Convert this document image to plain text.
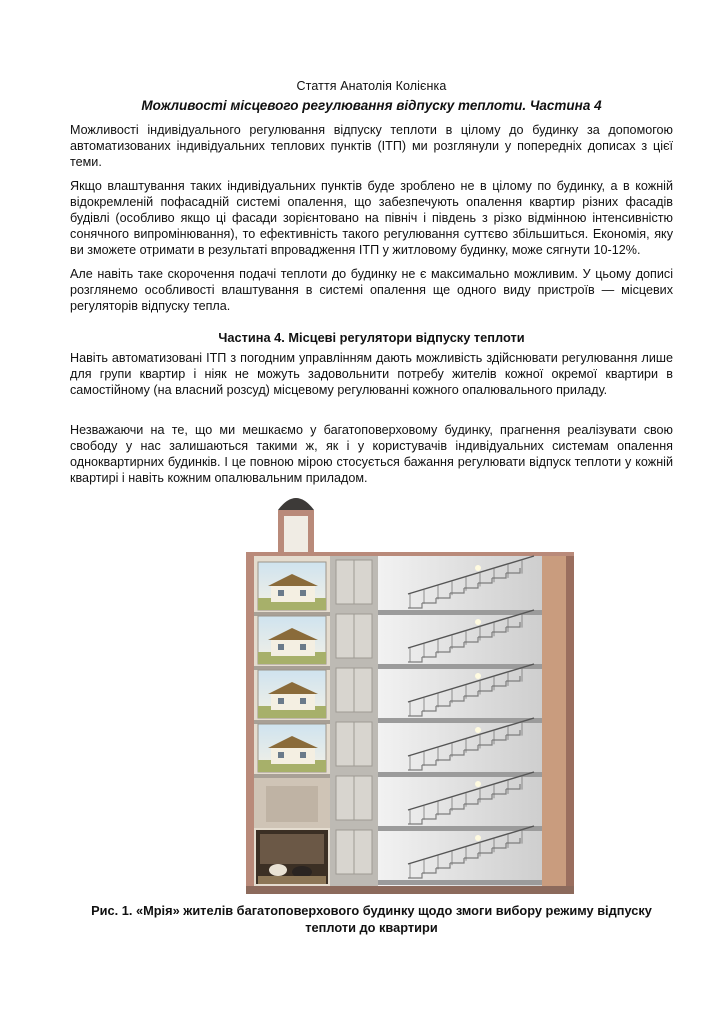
Стаття Анатолія Колієнка
Можливості місцевого регулювання відпуску теплоти. Частина 4

Можливості індивідуального регулювання відпуску теплоти в цілому до будинку за допомогою автоматизованих індивідуальних теплових пунктів (ІТП) ми розглянули у попередніх дописах з цієї теми.

Якщо влаштування таких індивідуальних пунктів буде зроблено не в цілому по будинку, а в кожній відокремленій пофасадній системі опалення, що забезпечують опалення квартир різних фасадів будівлі (особливо якщо ці фасади зорієнтовано на північ і південь з різко відмінною інтенсивністю сонячного випромінювання), то ефективність такого регулювання суттєво збільшиться. Економія, яку ви зможете отримати в результаті впровадження ІТП у житловому будинку, може сягнути 10-12%.

Але навіть таке скорочення подачі теплоти до будинку не є максимально можливим. У цьому дописі розглянемо особливості влаштування в системі опалення ще одного виду пристроїв — місцевих регуляторів відпуску тепла.

Частина 4. Місцеві регулятори відпуску теплоти

Навіть автоматизовані ІТП з погодним управлінням дають можливість здійснювати регулювання лише для групи квартир і ніяк не можуть задовольнити потребу жителів кожної окремої квартири в самостійному (на власний розсуд) місцевому регулюванні кожного опалювального приладу.

Незважаючи на те, що ми мешкаємо у багатоповерховому будинку, прагнення реалізувати свою свободу у нас залишаються такими ж, як і у користувачів індивідуальних системам опалення одноквартирних будинків. І це повною мірою стосується бажання регулювати відпуск теплоти у кожній квартирі і навіть кожним опалювальним приладом.

Рис. 1. «Мрія» жителів багатоповерхового будинку щодо змоги вибору режиму відпуску теплоти до квартири
